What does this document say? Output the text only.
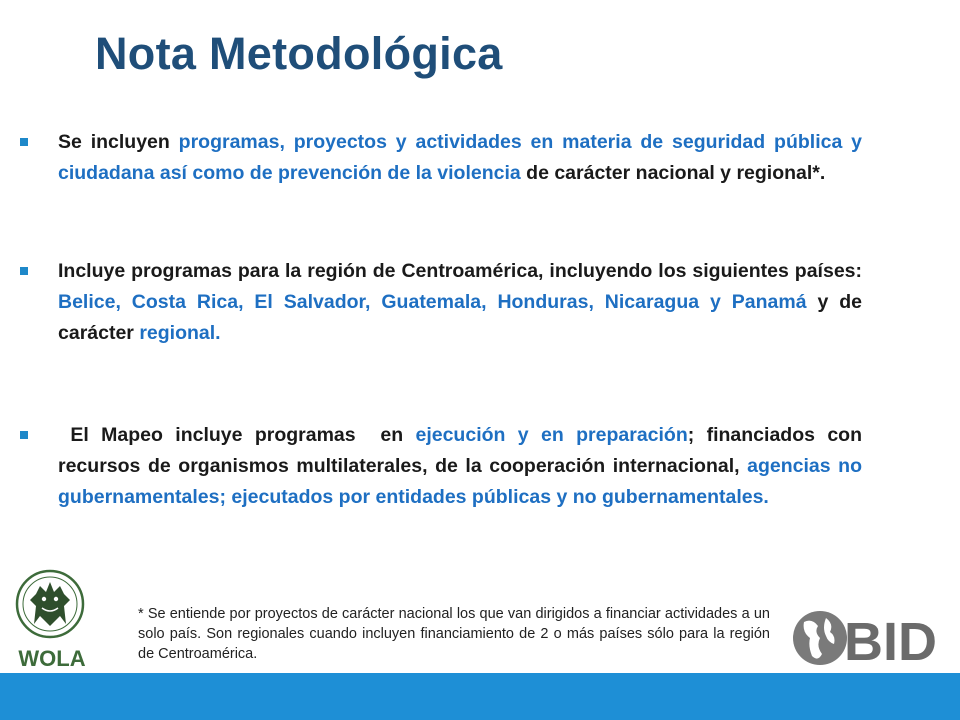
Nota Metodológica
Se incluyen programas, proyectos y actividades en materia de seguridad pública y ciudadana así como de prevención de la violencia de carácter nacional y regional*.
Incluye programas para la región de Centroamérica, incluyendo los siguientes países: Belice, Costa Rica, El Salvador, Guatemala, Honduras, Nicaragua y Panamá y de carácter regional.
El Mapeo incluye programas  en ejecución y en preparación; financiados con recursos de organismos multilaterales, de la cooperación internacional, agencias no gubernamentales; ejecutados por entidades públicas y no gubernamentales.
WOLA
* Se entiende por proyectos de carácter nacional los que van dirigidos a financiar actividades a un solo país. Son regionales cuando incluyen financiamiento de 2 o más países sólo para la región de Centroamérica.	BID
